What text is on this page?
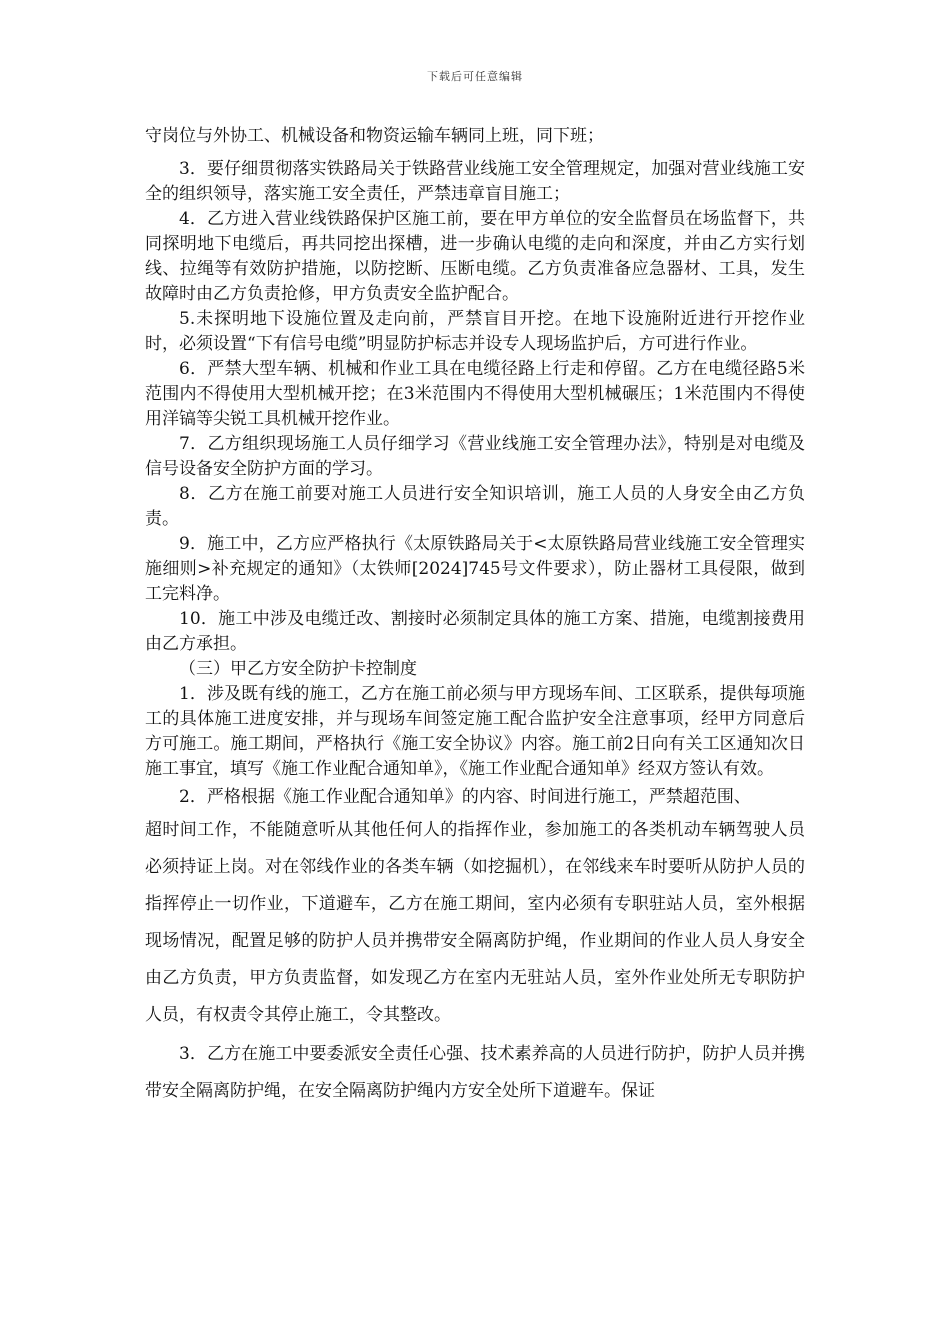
下载后可任意编辑

守岗位与外协工、机械设备和物资运输车辆同上班，同下班；

3．要仔细贯彻落实铁路局关于铁路营业线施工安全管理规定，加强对营业线施工安全的组织领导，落实施工安全责任，严禁违章盲目施工；

4．乙方进入营业线铁路保护区施工前，要在甲方单位的安全监督员在场监督下，共同探明地下电缆后，再共同挖出探槽，进一步确认电缆的走向和深度，并由乙方实行划线、拉绳等有效防护措施，以防挖断、压断电缆。乙方负责准备应急器材、工具，发生故障时由乙方负责抢修，甲方负责安全监护配合。

5.未探明地下设施位置及走向前，严禁盲目开挖。在地下设施附近进行开挖作业时，必须设置“下有信号电缆”明显防护标志并设专人现场监护后，方可进行作业。

6．严禁大型车辆、机械和作业工具在电缆径路上行走和停留。乙方在电缆径路5米范围内不得使用大型机械开挖；在3米范围内不得使用大型机械碾压；1米范围内不得使用洋镐等尖锐工具机械开挖作业。

7．乙方组织现场施工人员仔细学习《营业线施工安全管理办法》，特别是对电缆及信号设备安全防护方面的学习。

8．乙方在施工前要对施工人员进行安全知识培训，施工人员的人身安全由乙方负责。

9．施工中，乙方应严格执行《太原铁路局关于<太原铁路局营业线施工安全管理实施细则>补充规定的通知》（太铁师[2024]745号文件要求），防止器材工具侵限，做到工完料净。

10．施工中涉及电缆迁改、割接时必须制定具体的施工方案、措施，电缆割接费用由乙方承担。

（三）甲乙方安全防护卡控制度

1．涉及既有线的施工，乙方在施工前必须与甲方现场车间、工区联系，提供每项施工的具体施工进度安排，并与现场车间签定施工配合监护安全注意事项，经甲方同意后方可施工。施工期间，严格执行《施工安全协议》内容。施工前2日向有关工区通知次日施工事宜，填写《施工作业配合通知单》，《施工作业配合通知单》经双方签认有效。

2．严格根据《施工作业配合通知单》的内容、时间进行施工，严禁超范围、

超时间工作，不能随意听从其他任何人的指挥作业，参加施工的各类机动车辆驾驶人员必须持证上岗。对在邻线作业的各类车辆（如挖掘机），在邻线来车时要听从防护人员的指挥停止一切作业，下道避车，乙方在施工期间，室内必须有专职驻站人员，室外根据现场情况，配置足够的防护人员并携带安全隔离防护绳，作业期间的作业人员人身安全由乙方负责，甲方负责监督，如发现乙方在室内无驻站人员，室外作业处所无专职防护人员，有权责令其停止施工，令其整改。

3．乙方在施工中要委派安全责任心强、技术素养高的人员进行防护，防护人员并携带安全隔离防护绳，在安全隔离防护绳内方安全处所下道避车。保证
